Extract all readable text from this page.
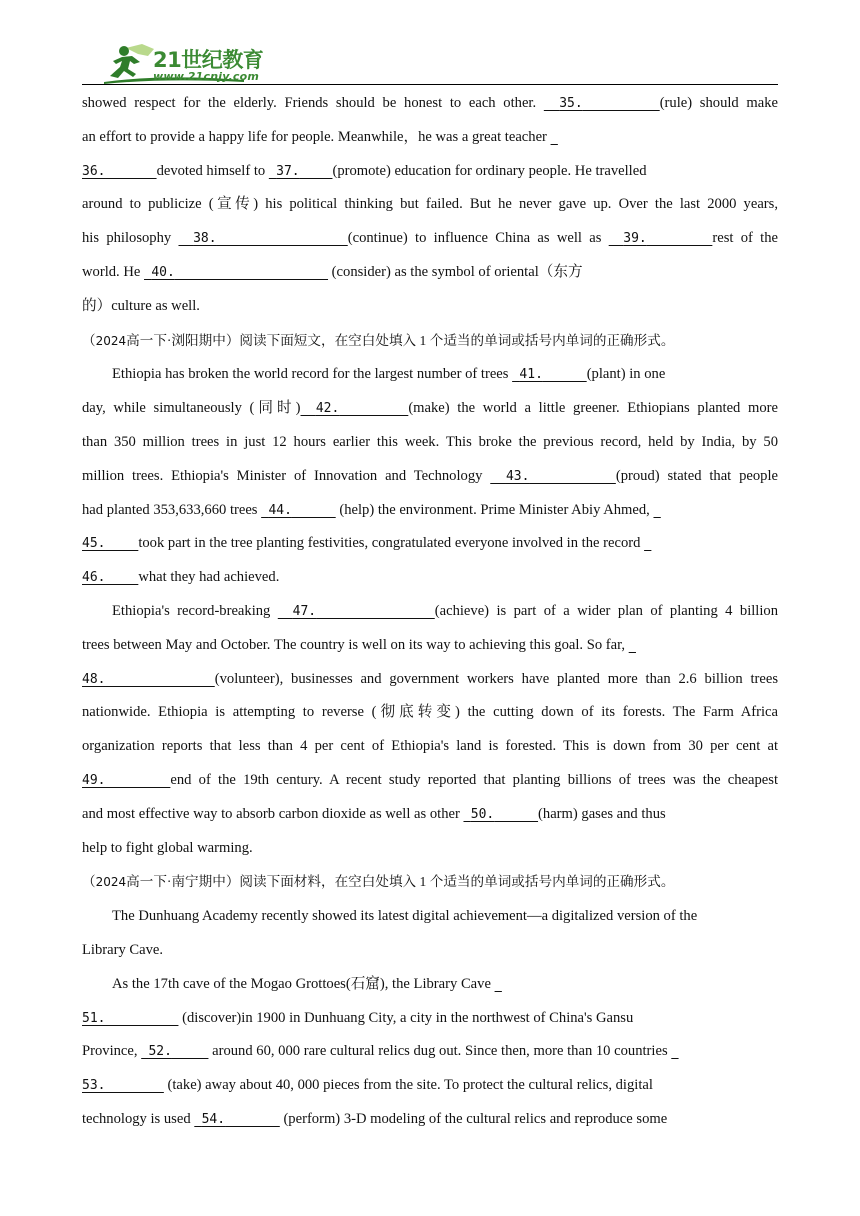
21世纪教育
www.21cnjy.com

showed respect for the elderly. Friends should be honest to each other.   35.	(rule) should make

an effort to provide a happy life for people. Meanwhile，he was a great teacher

36.	devoted himself to   37. (promote) education for ordinary people. He travelled

around to publicize (宣传) his political thinking but failed. But he never gave up. Over the last 2000 years,

his philosophy   38.	(continue) to influence China as well as   39.	rest of the

world. He   40.	(consider) as the symbol of oriental（东方

的）culture as well.

（2024高一下·浏阳期中）阅读下面短文，在空白处填入 1 个适当的单词或括号内单词的正确形式。

Ethiopia has broken the world record for the largest number of trees   41.	(plant) in one

day, while simultaneously (同时) 42.	(make) the world a little greener. Ethiopians planted more

than 350 million trees in just 12 hours earlier this week. This broke the previous record, held by India, by 50

million trees. Ethiopia's Minister of Innovation and Technology   43.	(proud) stated that people

had planted 353,633,660 trees   44.	(help) the environment. Prime Minister Abiy Ahmed,

45. took part in the tree planting festivities, congratulated everyone involved in the record

46. what they had achieved.

Ethiopia's record-breaking   47.	(achieve) is part of a wider plan of planting 4 billion

trees between May and October. The country is well on its way to achieving this goal. So far,

48.	(volunteer), businesses and government workers have planted more than 2.6 billion trees

nationwide. Ethiopia is attempting to reverse (彻底转变) the cutting down of its forests. The Farm Africa

organization reports that less than 4 per cent of Ethiopia's land is forested. This is down from 30 per cent at

49.	end of the 19th century. A recent study reported that planting billions of trees was the cheapest

and most effective way to absorb carbon dioxide as well as other   50.	(harm) gases and thus

help to fight global warming.

（2024高一下·南宁期中）阅读下面材料，在空白处填入 1 个适当的单词或括号内单词的正确形式。

The Dunhuang Academy recently showed its latest digital achievement—a digitalized version of the

Library Cave.

As the 17th cave of the Mogao Grottoes(石窟), the Library Cave

51.	(discover)in 1900 in Dunhuang City, a city in the northwest of China's Gansu

Province,   52.           around 60, 000 rare cultural relics dug out. Since then, more than 10 countries

53.	(take) away about 40, 000 pieces from the site. To protect the cultural relics, digital

technology is used   54.	(perform) 3-D modeling of the cultural relics and reproduce some
